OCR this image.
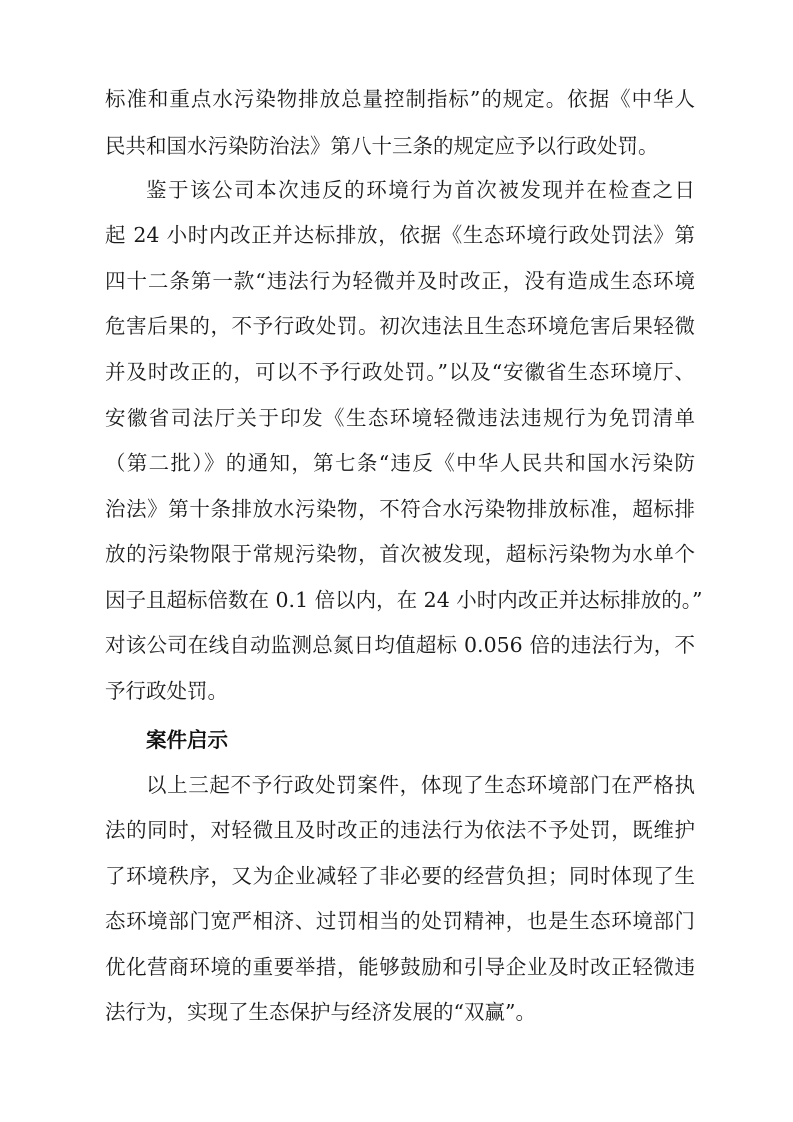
标准和重点水污染物排放总量控制指标”的规定。依据《中华人
民共和国水污染防治法》第八十三条的规定应予以行政处罚。
鉴于该公司本次违反的环境行为首次被发现并在检查之日
起 24 小时内改正并达标排放，依据《生态环境行政处罚法》第
四十二条第一款“违法行为轻微并及时改正，没有造成生态环境
危害后果的，不予行政处罚。初次违法且生态环境危害后果轻微
并及时改正的，可以不予行政处罚。”以及“安徽省生态环境厅、
安徽省司法厅关于印发《生态环境轻微违法违规行为免罚清单
（第二批）》的通知，第七条“违反《中华人民共和国水污染防
治法》第十条排放水污染物，不符合水污染物排放标准，超标排
放的污染物限于常规污染物，首次被发现，超标污染物为水单个
因子且超标倍数在 0.1 倍以内，在 24 小时内改正并达标排放的。”
对该公司在线自动监测总氮日均值超标 0.056 倍的违法行为，不
予行政处罚。
案件启示
以上三起不予行政处罚案件，体现了生态环境部门在严格执
法的同时，对轻微且及时改正的违法行为依法不予处罚，既维护
了环境秩序，又为企业减轻了非必要的经营负担；同时体现了生
态环境部门宽严相济、过罚相当的处罚精神，也是生态环境部门
优化营商环境的重要举措，能够鼓励和引导企业及时改正轻微违
法行为，实现了生态保护与经济发展的“双赢”。
